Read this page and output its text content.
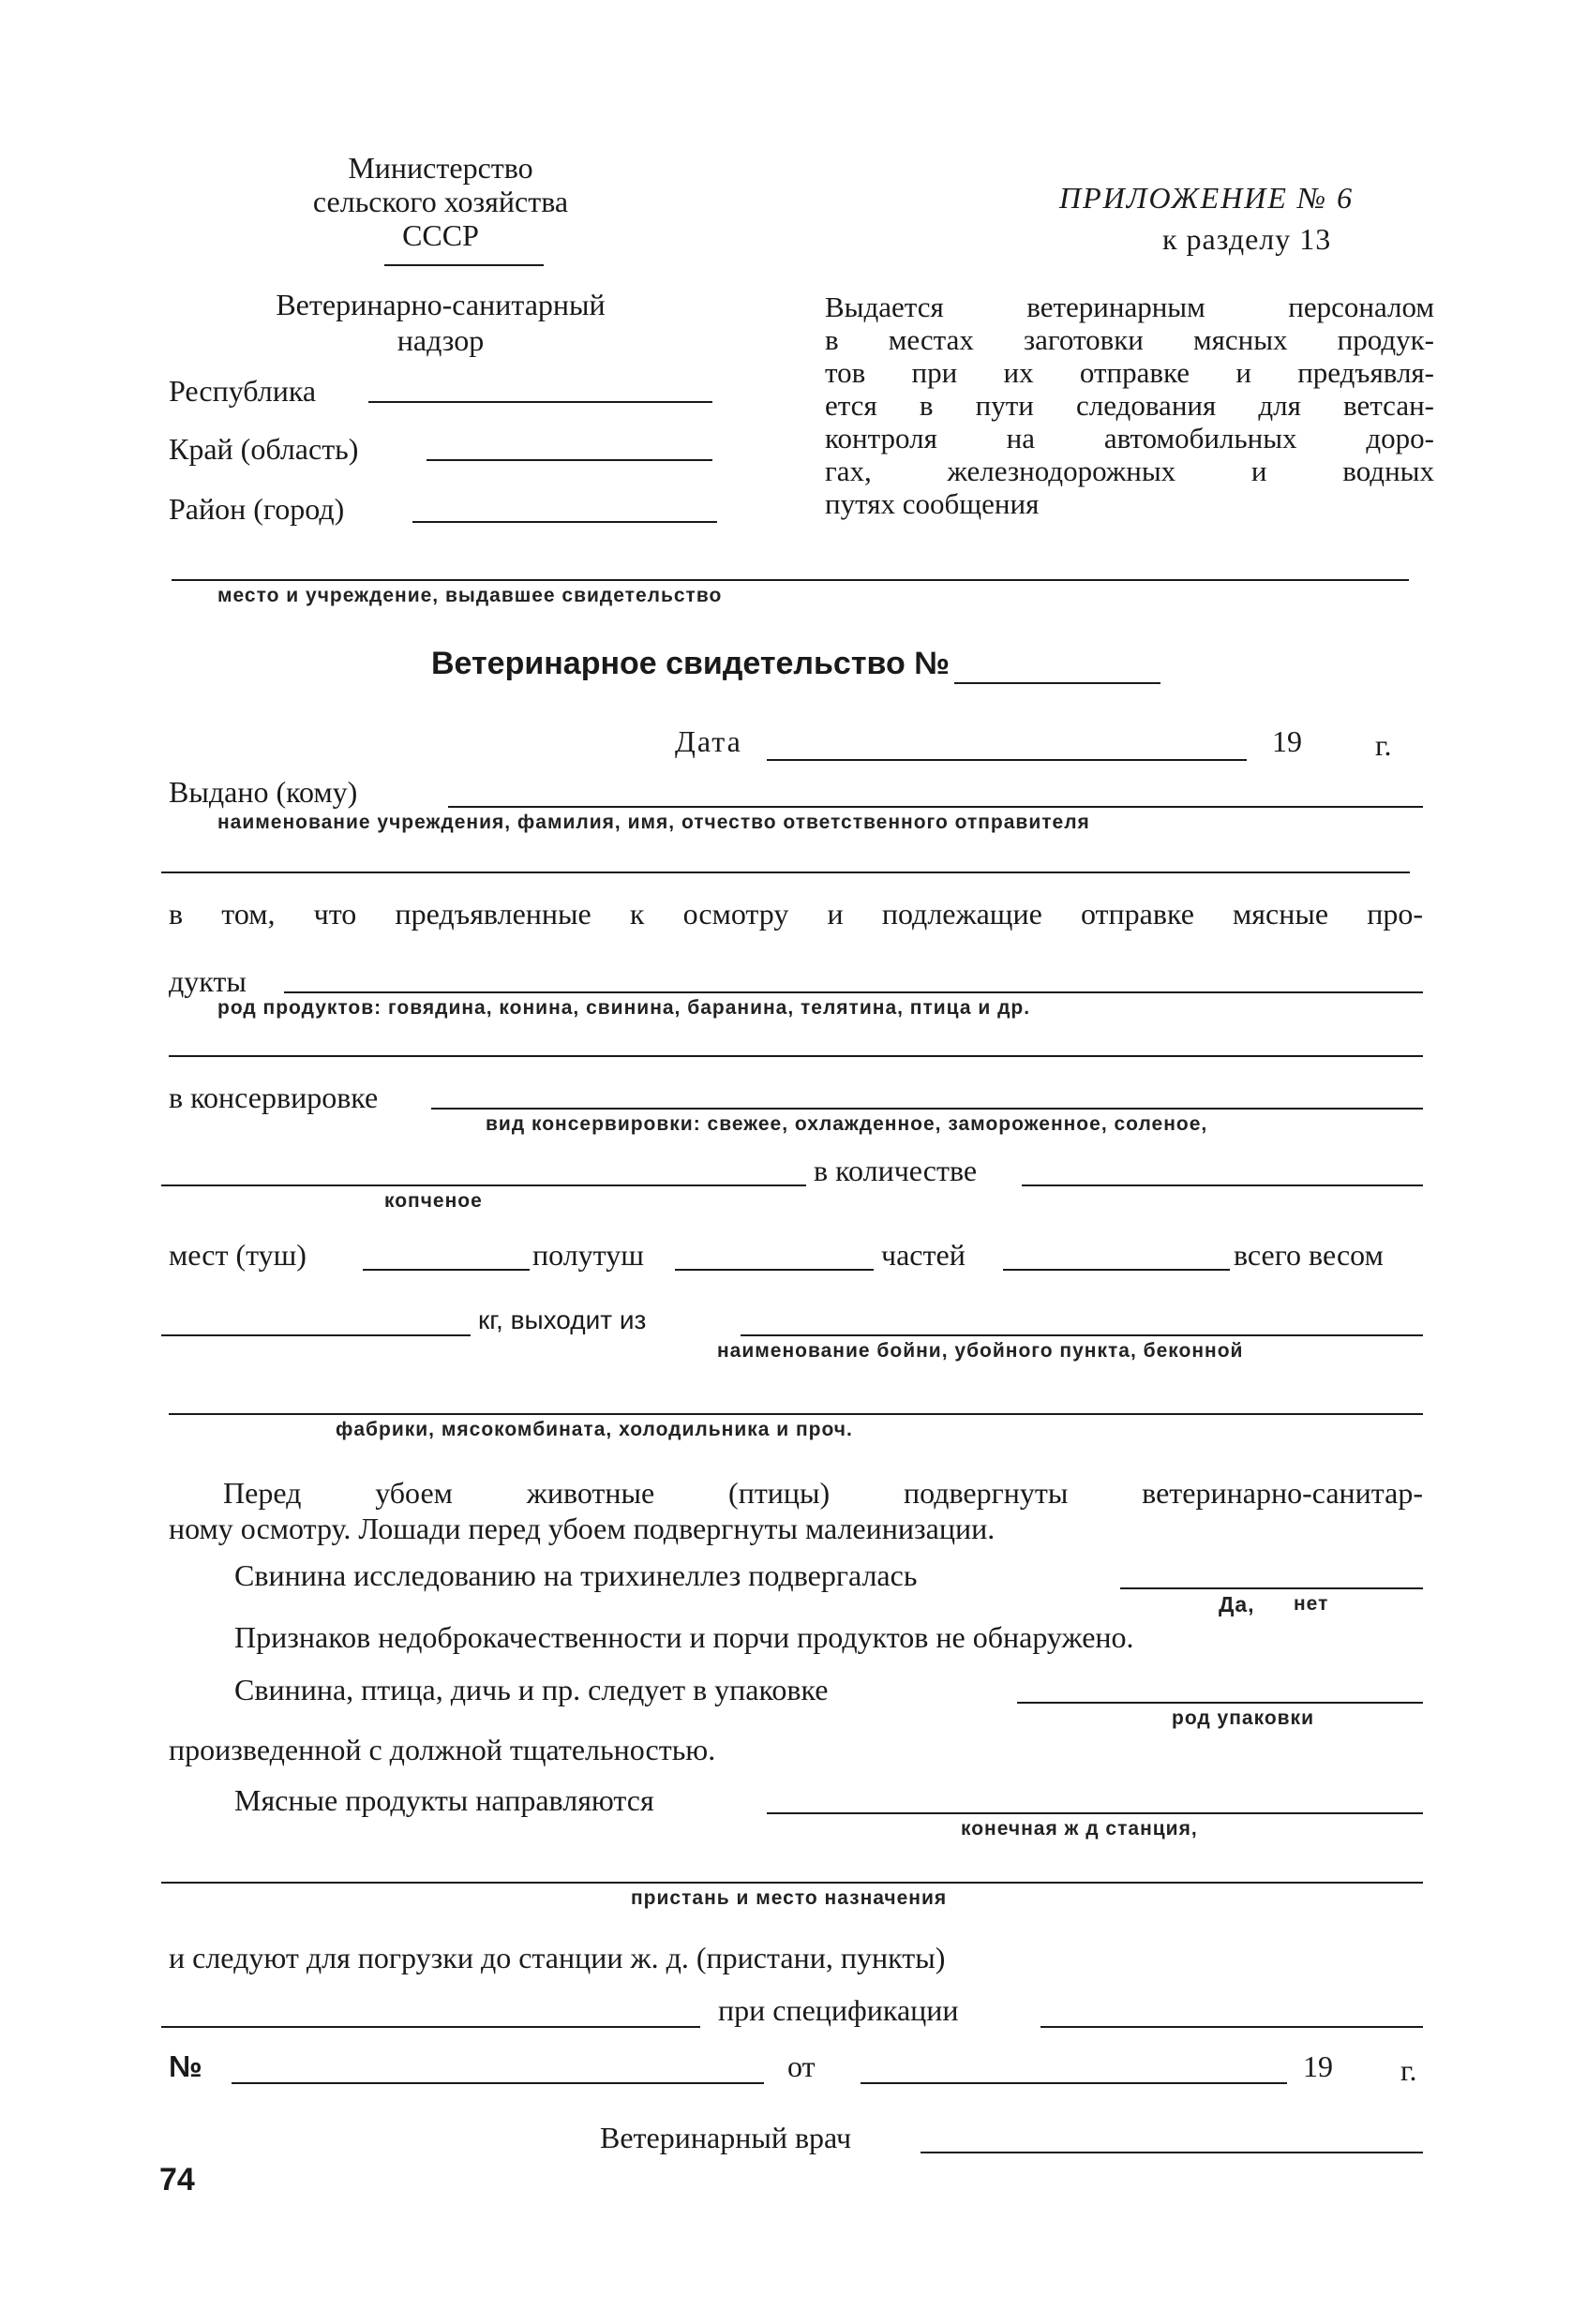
Министерство
сельского хозяйства
СССР
Ветеринарно-санитарный
надзор
Республика
Край (область)
Район (город)
ПРИЛОЖЕНИЕ № 6
к разделу 13
Выдается ветеринарным персоналом
в местах заготовки мясных продук-
тов при их отправке и предъявля-
ется в пути следования для ветсан-
контроля на автомобильных доро-
гах, железнодорожных и водных
путях сообщения
место и учреждение, выдавшее свидетельство
Ветеринарное свидетельство №
Дата	19 г.
Выдано (кому)
наименование учреждения, фамилия, имя, отчество ответственного отправителя
в том, что предъявленные к осмотру и подлежащие отправке мясные про-
дукты
род продуктов: говядина, конина, свинина, баранина, телятина, птица и др.
в консервировке
вид консервировки: свежее, охлажденное, замороженное, соленое,
в количестве
копченое
мест (туш)	полутуш	частей	всего весом
кг, выходит из
наименование бойни, убойного пункта, беконной
фабрики, мясокомбината, холодильника и проч.
Перед убоем животные (птицы) подвергнуты ветеринарно-санитар-
ному осмотру. Лошади перед убоем подвергнуты малеинизации.
Свинина исследованию на трихинеллез подвергалась
Да, нет
Признаков недоброкачественности и порчи продуктов не обнаружено.
Свинина, птица, дичь и пр. следует в упаковке
род упаковки
произведенной с должной тщательностью.
Мясные продукты направляются
конечная ж д станция,
пристань и место назначения
и следуют для погрузки до станции ж. д. (пристани, пункты)
при спецификации
№	от	19 г.
Ветеринарный врач
74
